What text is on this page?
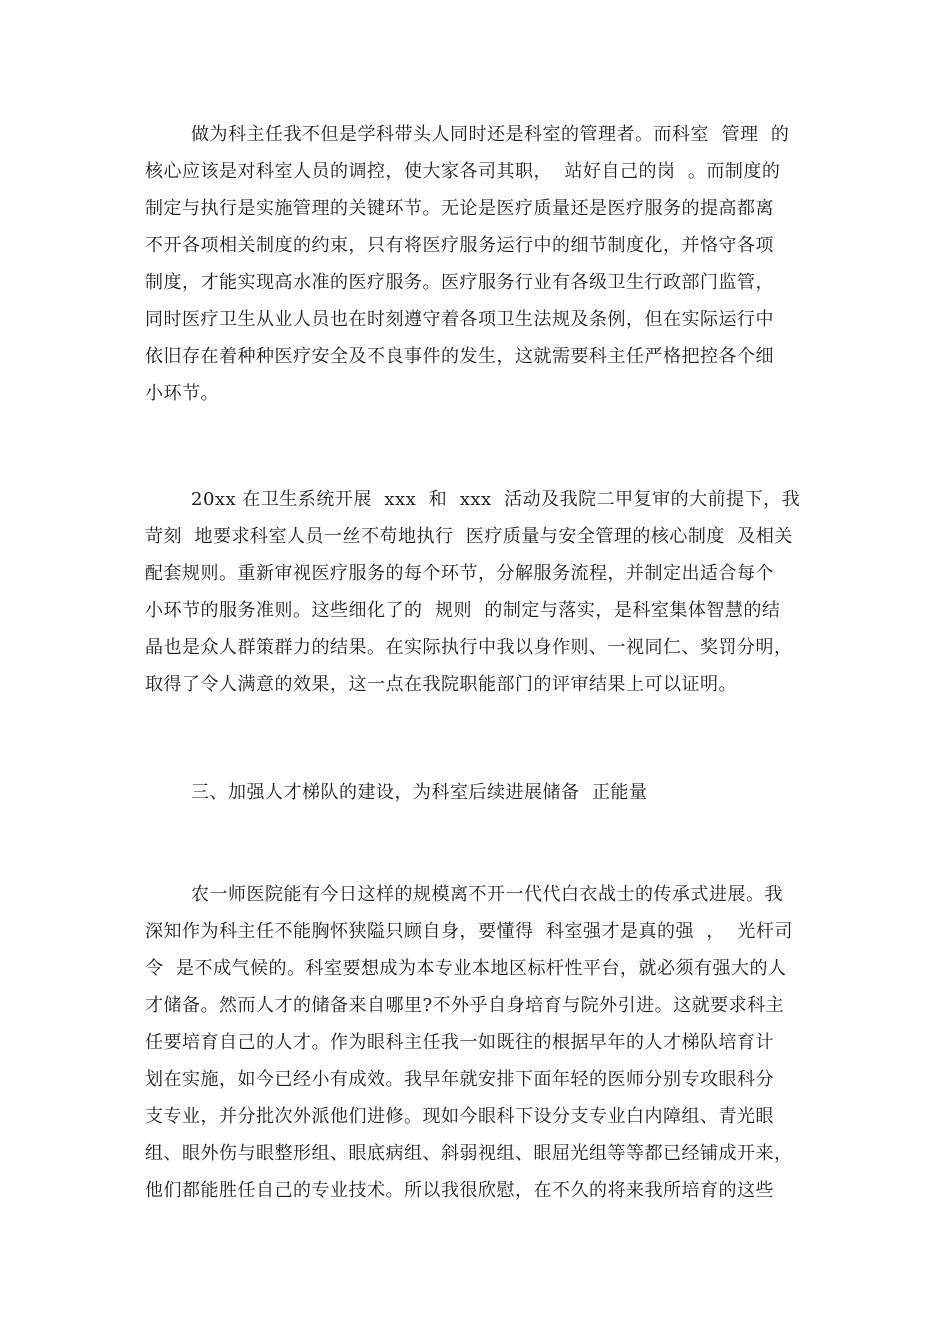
做为科主任我不但是学科带头人同时还是科室的管理者。而科室  管理  的
核心应该是对科室人员的调控，使大家各司其职，  站好自己的岗  。而制度的
制定与执行是实施管理的关键环节。无论是医疗质量还是医疗服务的提高都离
不开各项相关制度的约束，只有将医疗服务运行中的细节制度化，并恪守各项
制度，才能实现高水准的医疗服务。医疗服务行业有各级卫生行政部门监管，
同时医疗卫生从业人员也在时刻遵守着各项卫生法规及条例，但在实际运行中
依旧存在着种种医疗安全及不良事件的发生，这就需要科主任严格把控各个细
小环节。
20xx 在卫生系统开展  xxx  和  xxx  活动及我院二甲复审的大前提下，我
苛刻  地要求科室人员一丝不苟地执行  医疗质量与安全管理的核心制度  及相关
配套规则。重新审视医疗服务的每个环节，分解服务流程，并制定出适合每个
小环节的服务准则。这些细化了的  规则  的制定与落实，是科室集体智慧的结
晶也是众人群策群力的结果。在实际执行中我以身作则、一视同仁、奖罚分明，
取得了令人满意的效果，这一点在我院职能部门的评审结果上可以证明。
三、加强人才梯队的建设，为科室后续进展储备  正能量
农一师医院能有今日这样的规模离不开一代代白衣战士的传承式进展。我
深知作为科主任不能胸怀狭隘只顾自身，要懂得  科室强才是真的强  ，  光杆司
令  是不成气候的。科室要想成为本专业本地区标杆性平台，就必须有强大的人
才储备。然而人才的储备来自哪里?不外乎自身培育与院外引进。这就要求科主
任要培育自己的人才。作为眼科主任我一如既往的根据早年的人才梯队培育计
划在实施，如今已经小有成效。我早年就安排下面年轻的医师分别专攻眼科分
支专业，并分批次外派他们进修。现如今眼科下设分支专业白内障组、青光眼
组、眼外伤与眼整形组、眼底病组、斜弱视组、眼屈光组等等都已经铺成开来，
他们都能胜任自己的专业技术。所以我很欣慰，在不久的将来我所培育的这些
